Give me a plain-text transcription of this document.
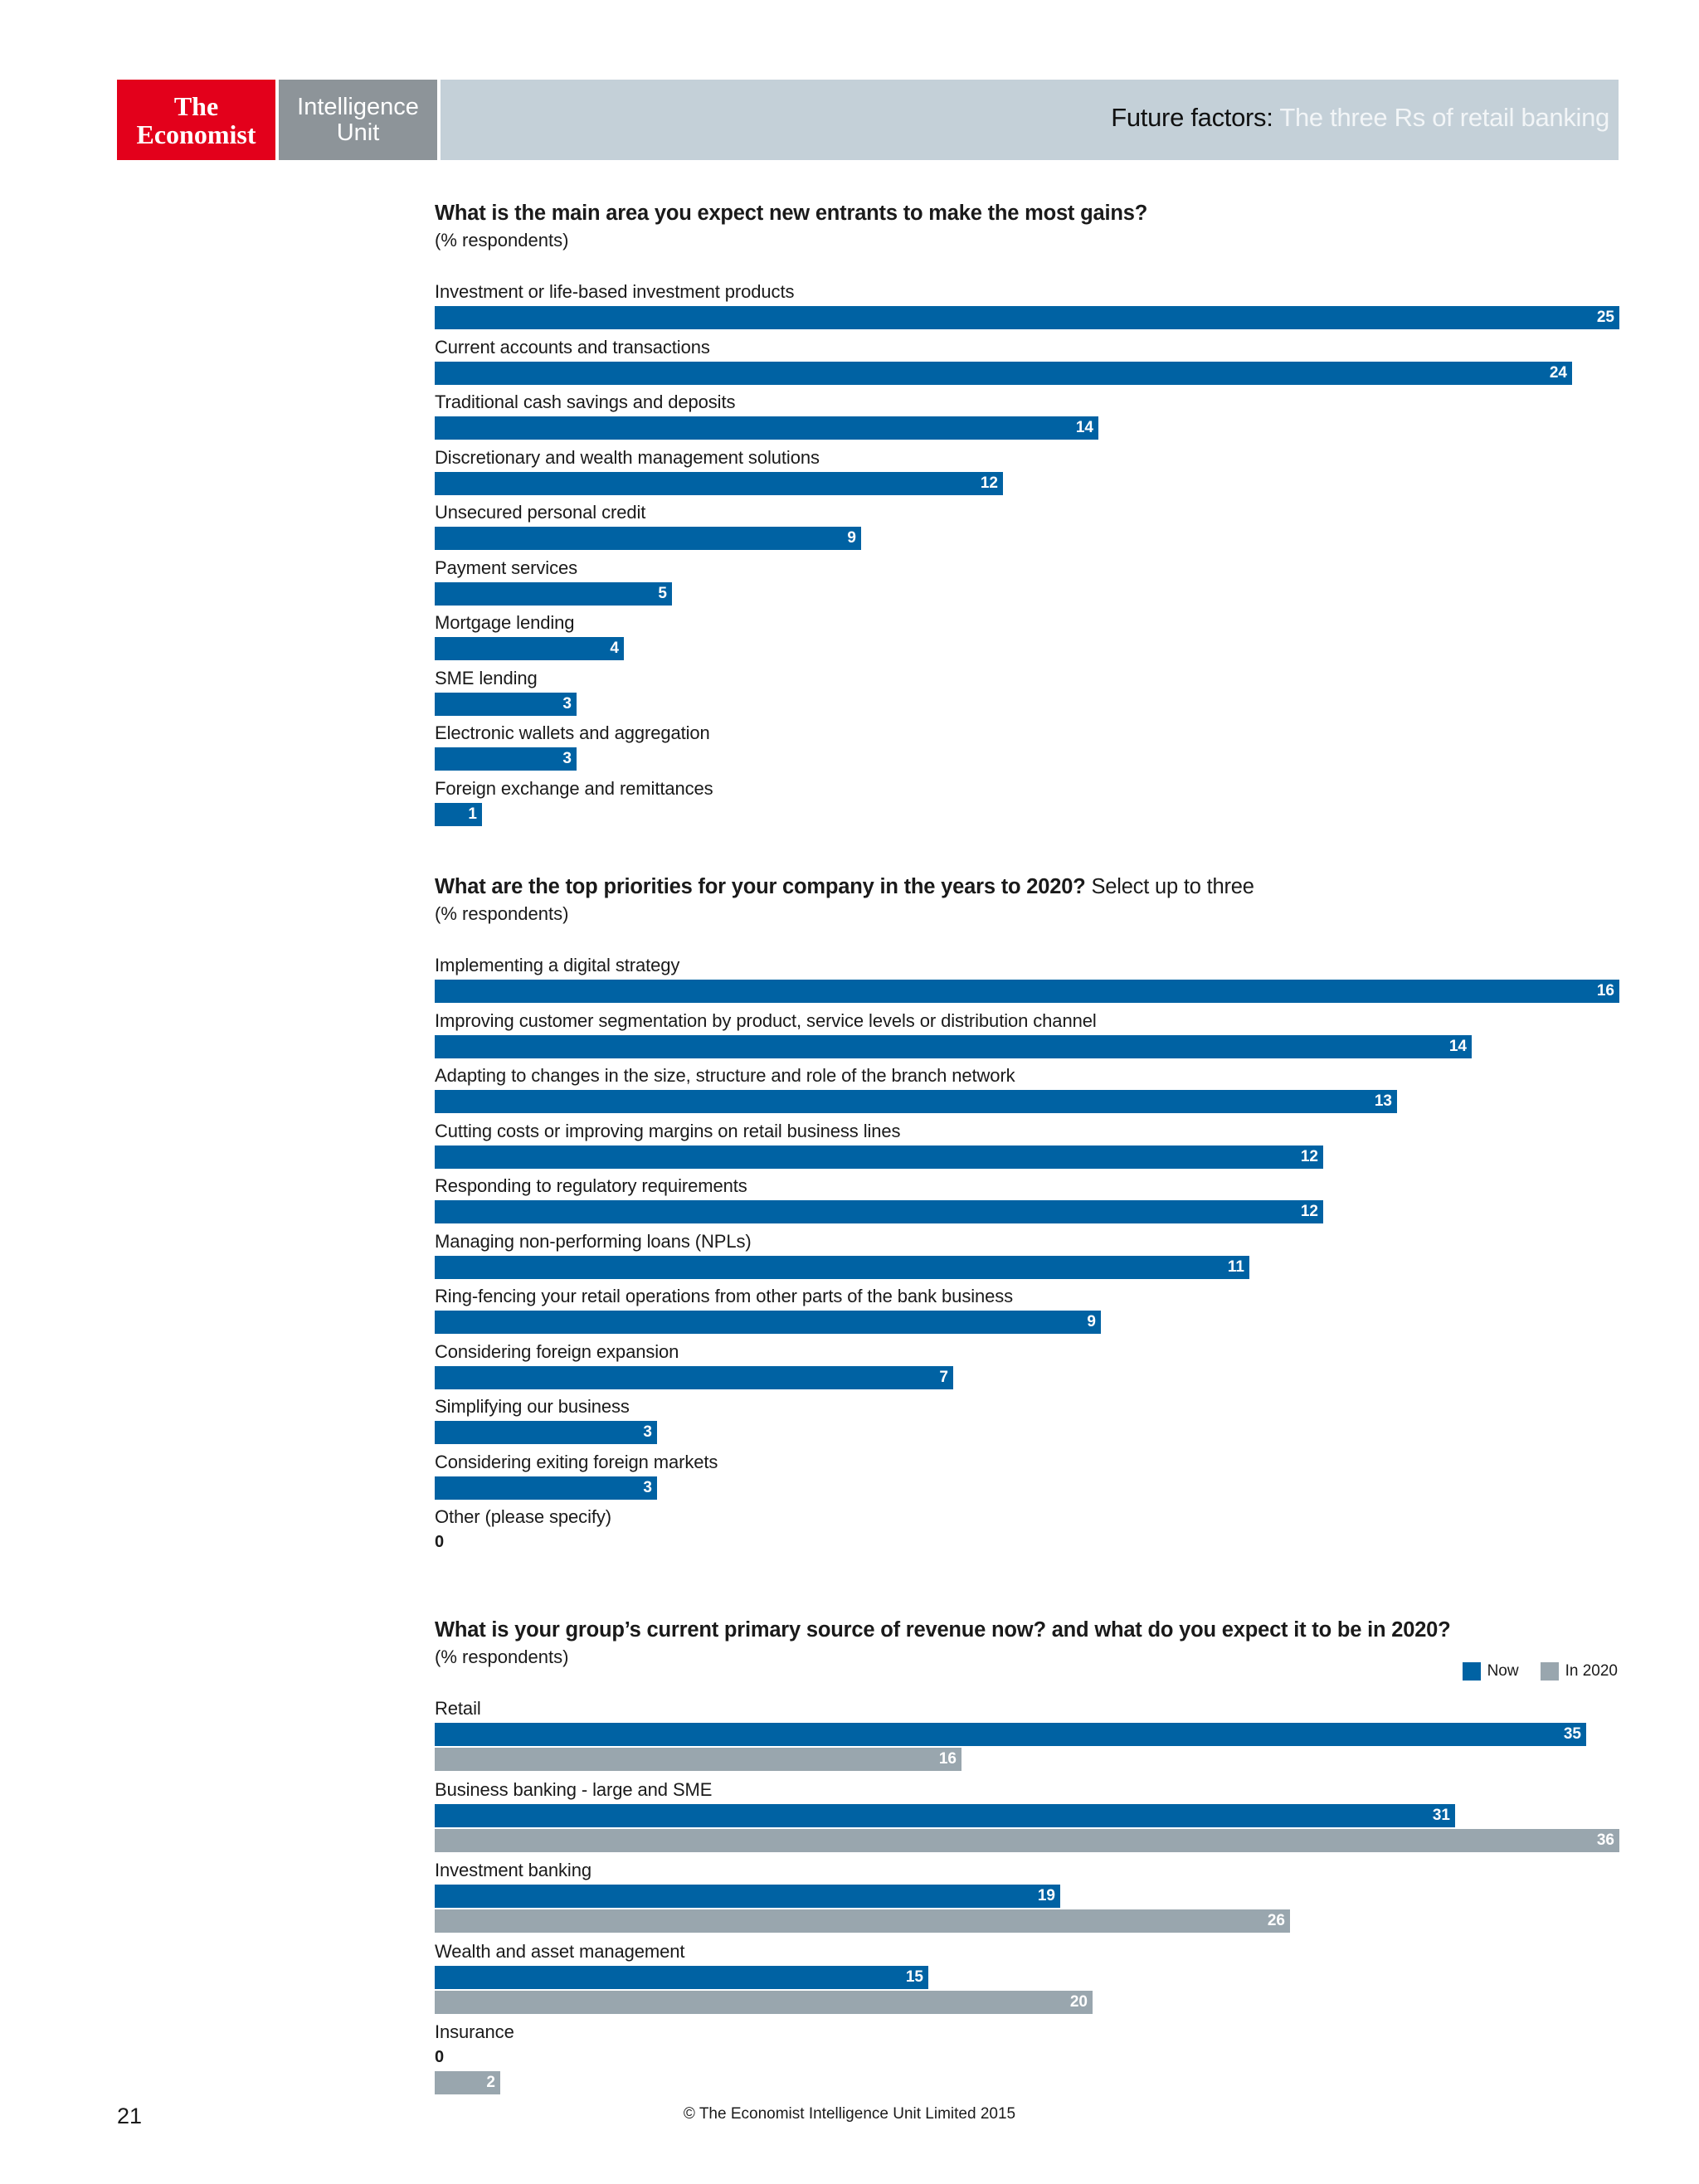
The
Economist
Intelligence
Unit
Future factors: The three Rs of retail banking
What is the main area you expect new entrants to make the most gains?
(% respondents)
Investment or life-based investment products
25
Current accounts and transactions
24
Traditional cash savings and deposits
14
Discretionary and wealth management solutions
12
Unsecured personal credit
9
Payment services
5
Mortgage lending
4
SME lending
3
Electronic wallets and aggregation
3
Foreign exchange and remittances
1
What are the top priorities for your company in the years to 2020? Select up to three
(% respondents)
Implementing a digital strategy
16
Improving customer segmentation by product, service levels or distribution channel
14
Adapting to changes in the size, structure and role of the branch network
13
Cutting costs or improving margins on retail business lines
12
Responding to regulatory requirements
12
Managing non-performing loans (NPLs)
11
Ring-fencing your retail operations from other parts of the bank business
9
Considering foreign expansion
7
Simplifying our business
3
Considering exiting foreign markets
3
Other (please specify)
0
What is your group’s current primary source of revenue now? and what do you expect it to be in 2020?
(% respondents)
Now	In 2020
Retail
35
16
Business banking - large and SME
31
36
Investment banking
19
26
Wealth and asset management
15
20
Insurance
0
2
21	© The Economist Intelligence Unit Limited 2015
